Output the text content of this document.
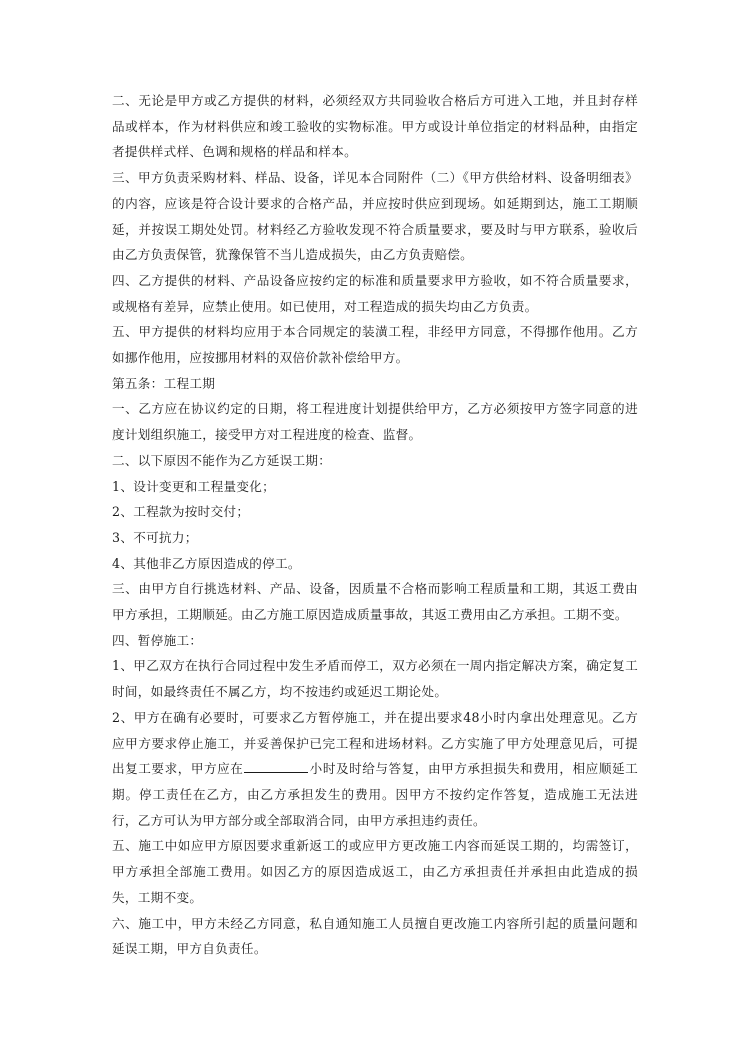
二、无论是甲方或乙方提供的材料，必须经双方共同验收合格后方可进入工地，并且封存样品或样本，作为材料供应和竣工验收的实物标准。甲方或设计单位指定的材料品种，由指定者提供样式样、色调和规格的样品和样本。

三、甲方负责采购材料、样品、设备，详见本合同附件（二）《甲方供给材料、设备明细表》的内容，应该是符合设计要求的合格产品，并应按时供应到现场。如延期到达，施工工期顺延，并按误工期处处罚。材料经乙方验收发现不符合质量要求，要及时与甲方联系，验收后由乙方负责保管，犹豫保管不当儿造成损失，由乙方负责赔偿。

四、乙方提供的材料、产品设备应按约定的标准和质量要求甲方验收，如不符合质量要求，或规格有差异，应禁止使用。如已使用，对工程造成的损失均由乙方负责。

五、甲方提供的材料均应用于本合同规定的装潢工程，非经甲方同意，不得挪作他用。乙方如挪作他用，应按挪用材料的双倍价款补偿给甲方。

第五条：工程工期

一、乙方应在协议约定的日期，将工程进度计划提供给甲方，乙方必须按甲方签字同意的进度计划组织施工，接受甲方对工程进度的检查、监督。

二、以下原因不能作为乙方延误工期：

1、设计变更和工程量变化；

2、工程款为按时交付；

3、不可抗力；

4、其他非乙方原因造成的停工。

三、由甲方自行挑选材料、产品、设备，因质量不合格而影响工程质量和工期，其返工费由甲方承担，工期顺延。由乙方施工原因造成质量事故，其返工费用由乙方承担。工期不变。

四、暂停施工：

1、甲乙双方在执行合同过程中发生矛盾而停工，双方必须在一周内指定解决方案，确定复工时间，如最终责任不属乙方，均不按违约或延迟工期论处。

2、甲方在确有必要时，可要求乙方暂停施工，并在提出要求48小时内拿出处理意见。乙方应甲方要求停止施工，并妥善保护已完工程和进场材料。乙方实施了甲方处理意见后，可提出复工要求，甲方应在	小时及时给与答复，由甲方承担损失和费用，相应顺延工期。停工责任在乙方，由乙方承担发生的费用。因甲方不按约定作答复，造成施工无法进行，乙方可认为甲方部分或全部取消合同，由甲方承担违约责任。

五、施工中如应甲方原因要求重新返工的或应甲方更改施工内容而延误工期的，均需签订，甲方承担全部施工费用。如因乙方的原因造成返工，由乙方承担责任并承担由此造成的损失，工期不变。

六、施工中，甲方未经乙方同意，私自通知施工人员擅自更改施工内容所引起的质量问题和延误工期，甲方自负责任。
